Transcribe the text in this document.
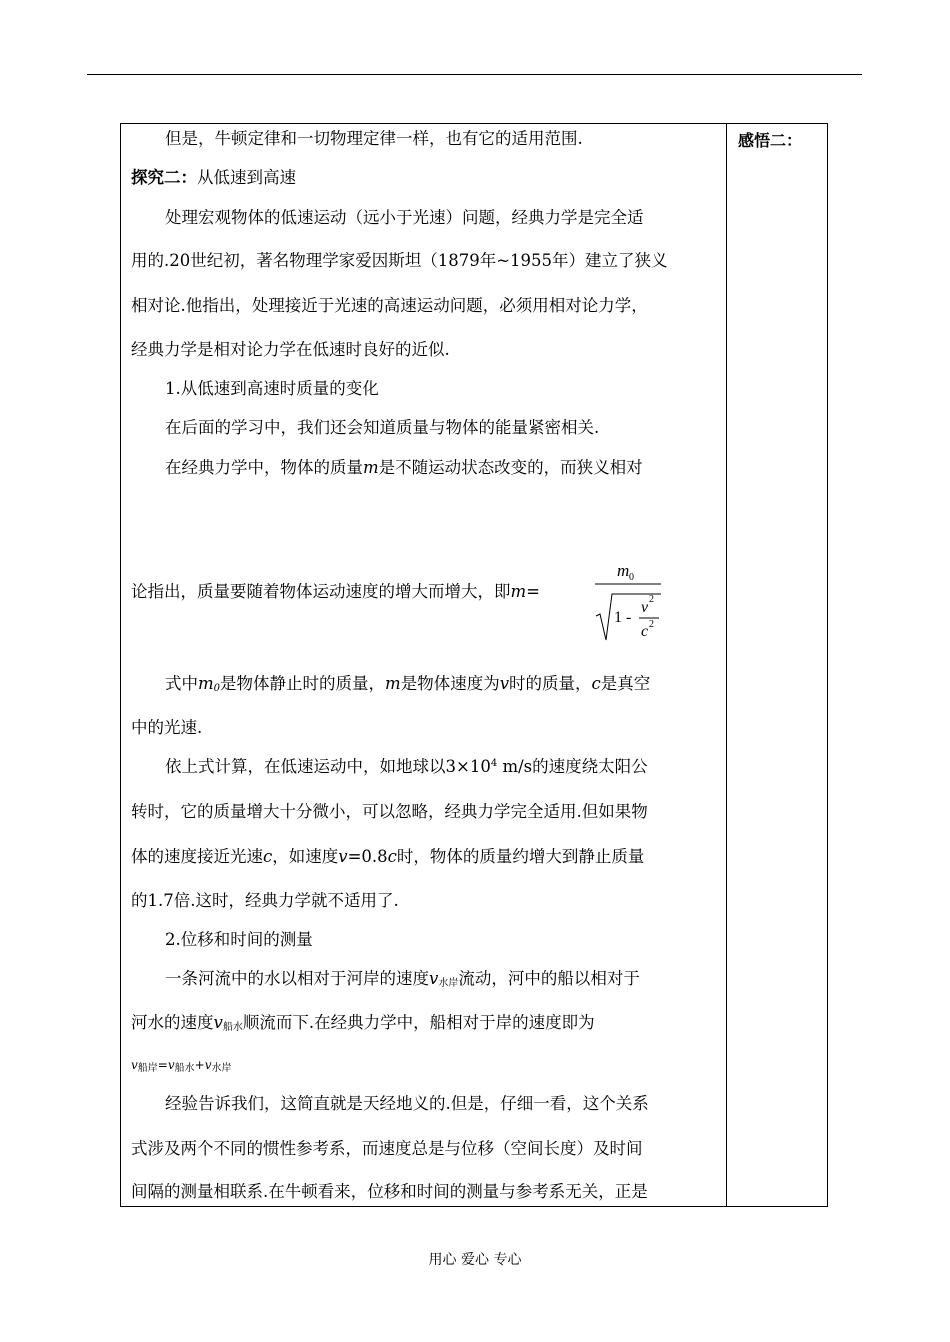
感悟二：
但是，牛顿定律和一切物理定律一样，也有它的适用范围.
探究二：从低速到高速
处理宏观物体的低速运动（远小于光速）问题，经典力学是完全适
用的.20世纪初，著名物理学家爱因斯坦（1879年~1955年）建立了狭义
相对论.他指出，处理接近于光速的高速运动问题，必须用相对论力学，
经典力学是相对论力学在低速时良好的近似.
1.从低速到高速时质量的变化
在后面的学习中，我们还会知道质量与物体的能量紧密相关.
在经典力学中，物体的质量m是不随运动状态改变的，而狭义相对
论指出，质量要随着物体运动速度的增大而增大，即m=
m 0
1 -
v 2
c 2
式中$m_0$是物体静止时的质量，m是物体速度为v时的质量，c是真空
中的光速.
依上式计算，在低速运动中，如地球以$3\times 10^4$ m/s的速度绕太阳公
转时，它的质量增大十分微小，可以忽略，经典力学完全适用.但如果物
体的速度接近光速c，如速度v=0.8c时，物体的质量约增大到静止质量
的1.7倍.这时，经典力学就不适用了.
2.位移和时间的测量
一条河流中的水以相对于河岸的速度$v_{水岸}$流动，河中的船以相对于
河水的速度$v_{船水}$顺流而下.在经典力学中，船相对于岸的速度即为
$v_{船岸}=v_{船水}+v_{水岸}$
经验告诉我们，这简直就是天经地义的.但是，仔细一看，这个关系
式涉及两个不同的惯性参考系，而速度总是与位移（空间长度）及时间
间隔的测量相联系.在牛顿看来，位移和时间的测量与参考系无关，正是
用心 爱心 专心
